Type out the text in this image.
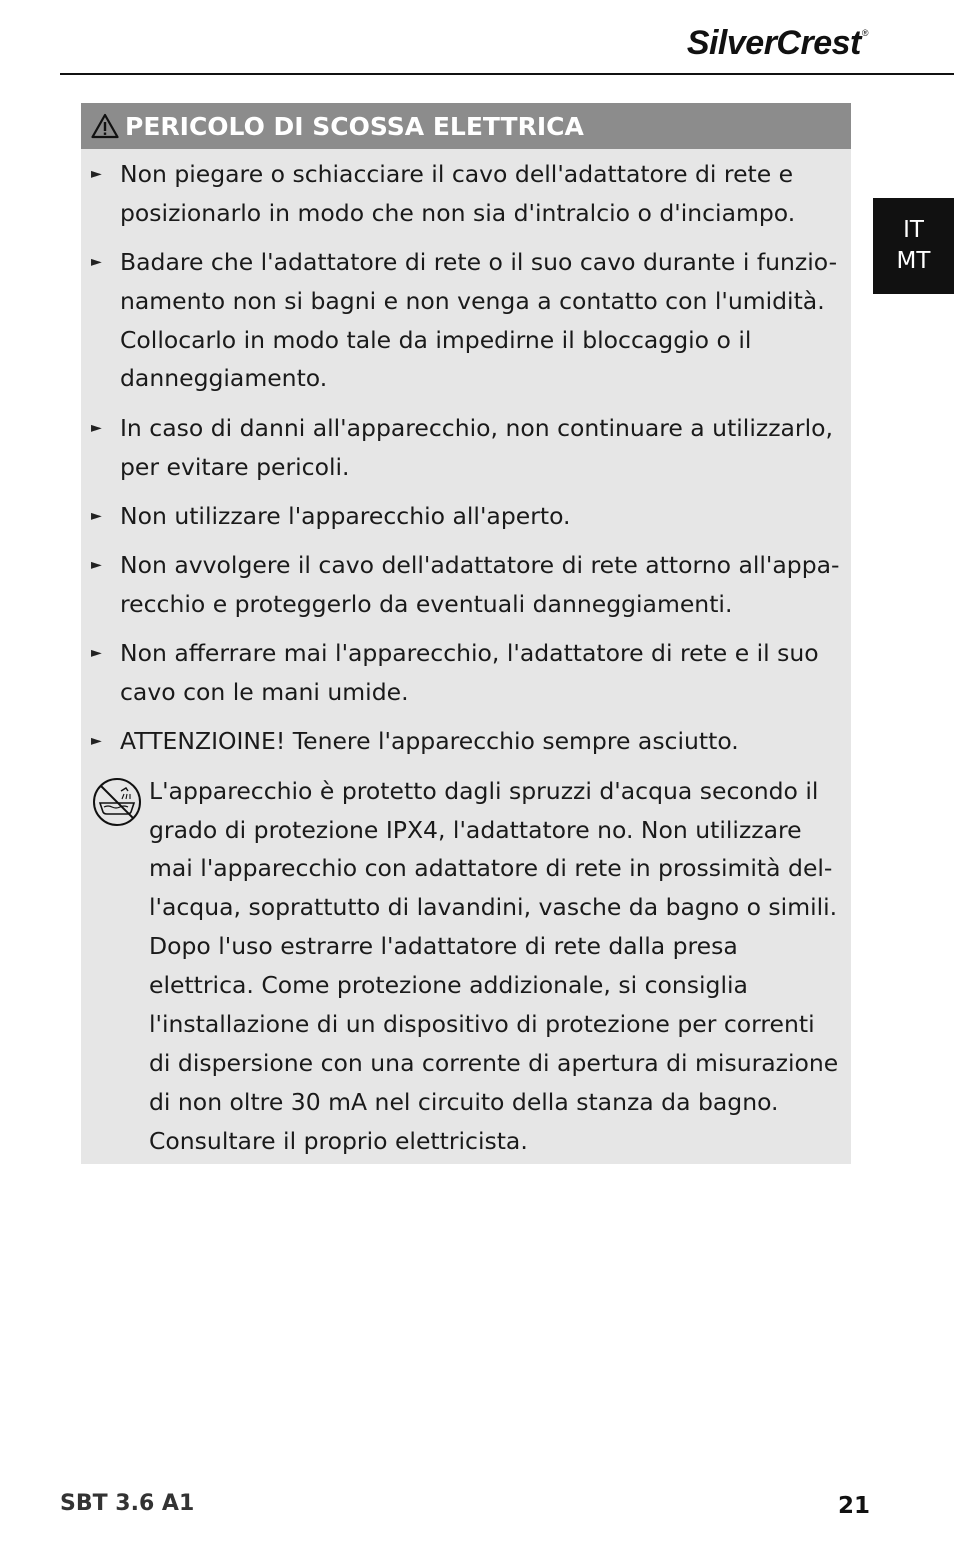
SilverCrest®
IT
MT
PERICOLO DI SCOSSA ELETTRICA
► Non piegare o schiacciare il cavo dell'adattatore di rete e posizionarlo in modo che non sia d'intralcio o d'inciampo.
► Badare che l'adattatore di rete o il suo cavo durante i funzio-namento non si bagni e non venga a contatto con l'umidità. Collocarlo in modo tale da impedirne il bloccaggio o il danneggiamento.
► In caso di danni all'apparecchio, non continuare a utilizzarlo, per evitare pericoli.
► Non utilizzare l'apparecchio all'aperto.
► Non avvolgere il cavo dell'adattatore di rete attorno all'appa-recchio e proteggerlo da eventuali danneggiamenti.
► Non afferrare mai l'apparecchio, l'adattatore di rete e il suo cavo con le mani umide.
► ATTENZIOINE! Tenere l'apparecchio sempre asciutto.
L'apparecchio è protetto dagli spruzzi d'acqua secondo il grado di protezione IPX4, l'adattatore no. Non utilizzare mai l'apparecchio con adattatore di rete in prossimità del-l'acqua, soprattutto di lavandini, vasche da bagno o simili. Dopo l'uso estrarre l'adattatore di rete dalla presa elettrica. Come protezione addizionale, si consiglia l'installazione di un dispositivo di protezione per correnti di dispersione con una corrente di apertura di misurazione di non oltre 30 mA nel circuito della stanza da bagno. Consultare il proprio elettricista.
SBT 3.6 A1	21
